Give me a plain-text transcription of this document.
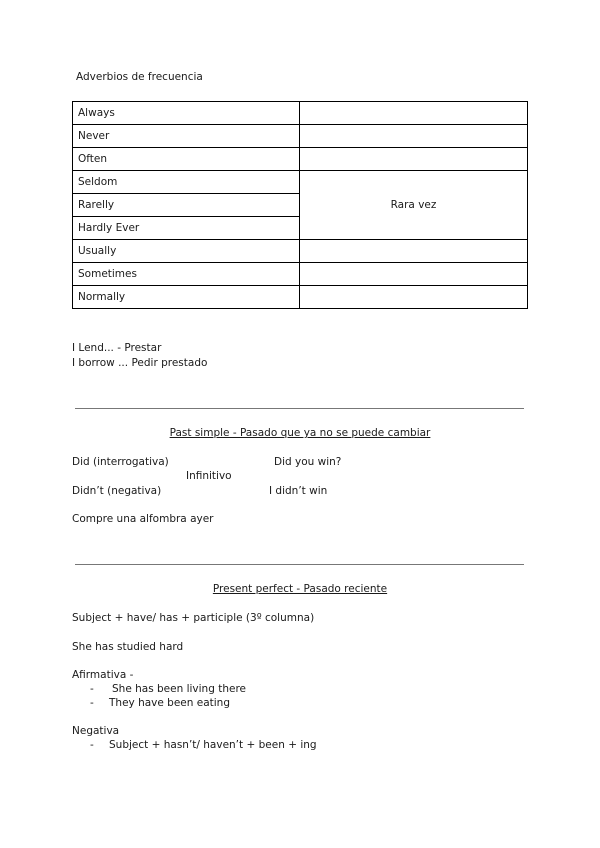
Adverbios de frecuencia
Always	
Never	
Often	
Seldom	Rara vez
Rarelly	
Hardly Ever	
Usually	
Sometimes	
Normally	
I Lend... - Prestar
I borrow ... Pedir prestado
Past simple - Pasado que ya no se puede cambiar
Did (interrogativa)	Did you win?
Infinitivo
Didn’t (negativa)	I didn’t win
Compre una alfombra ayer
Present perfect - Pasado reciente
Subject + have/ has + participle (3º columna)
She has studied hard
Afirmativa -
- She has been living there
- They have been eating
Negativa
- Subject + hasn’t/ haven’t + been + ing
